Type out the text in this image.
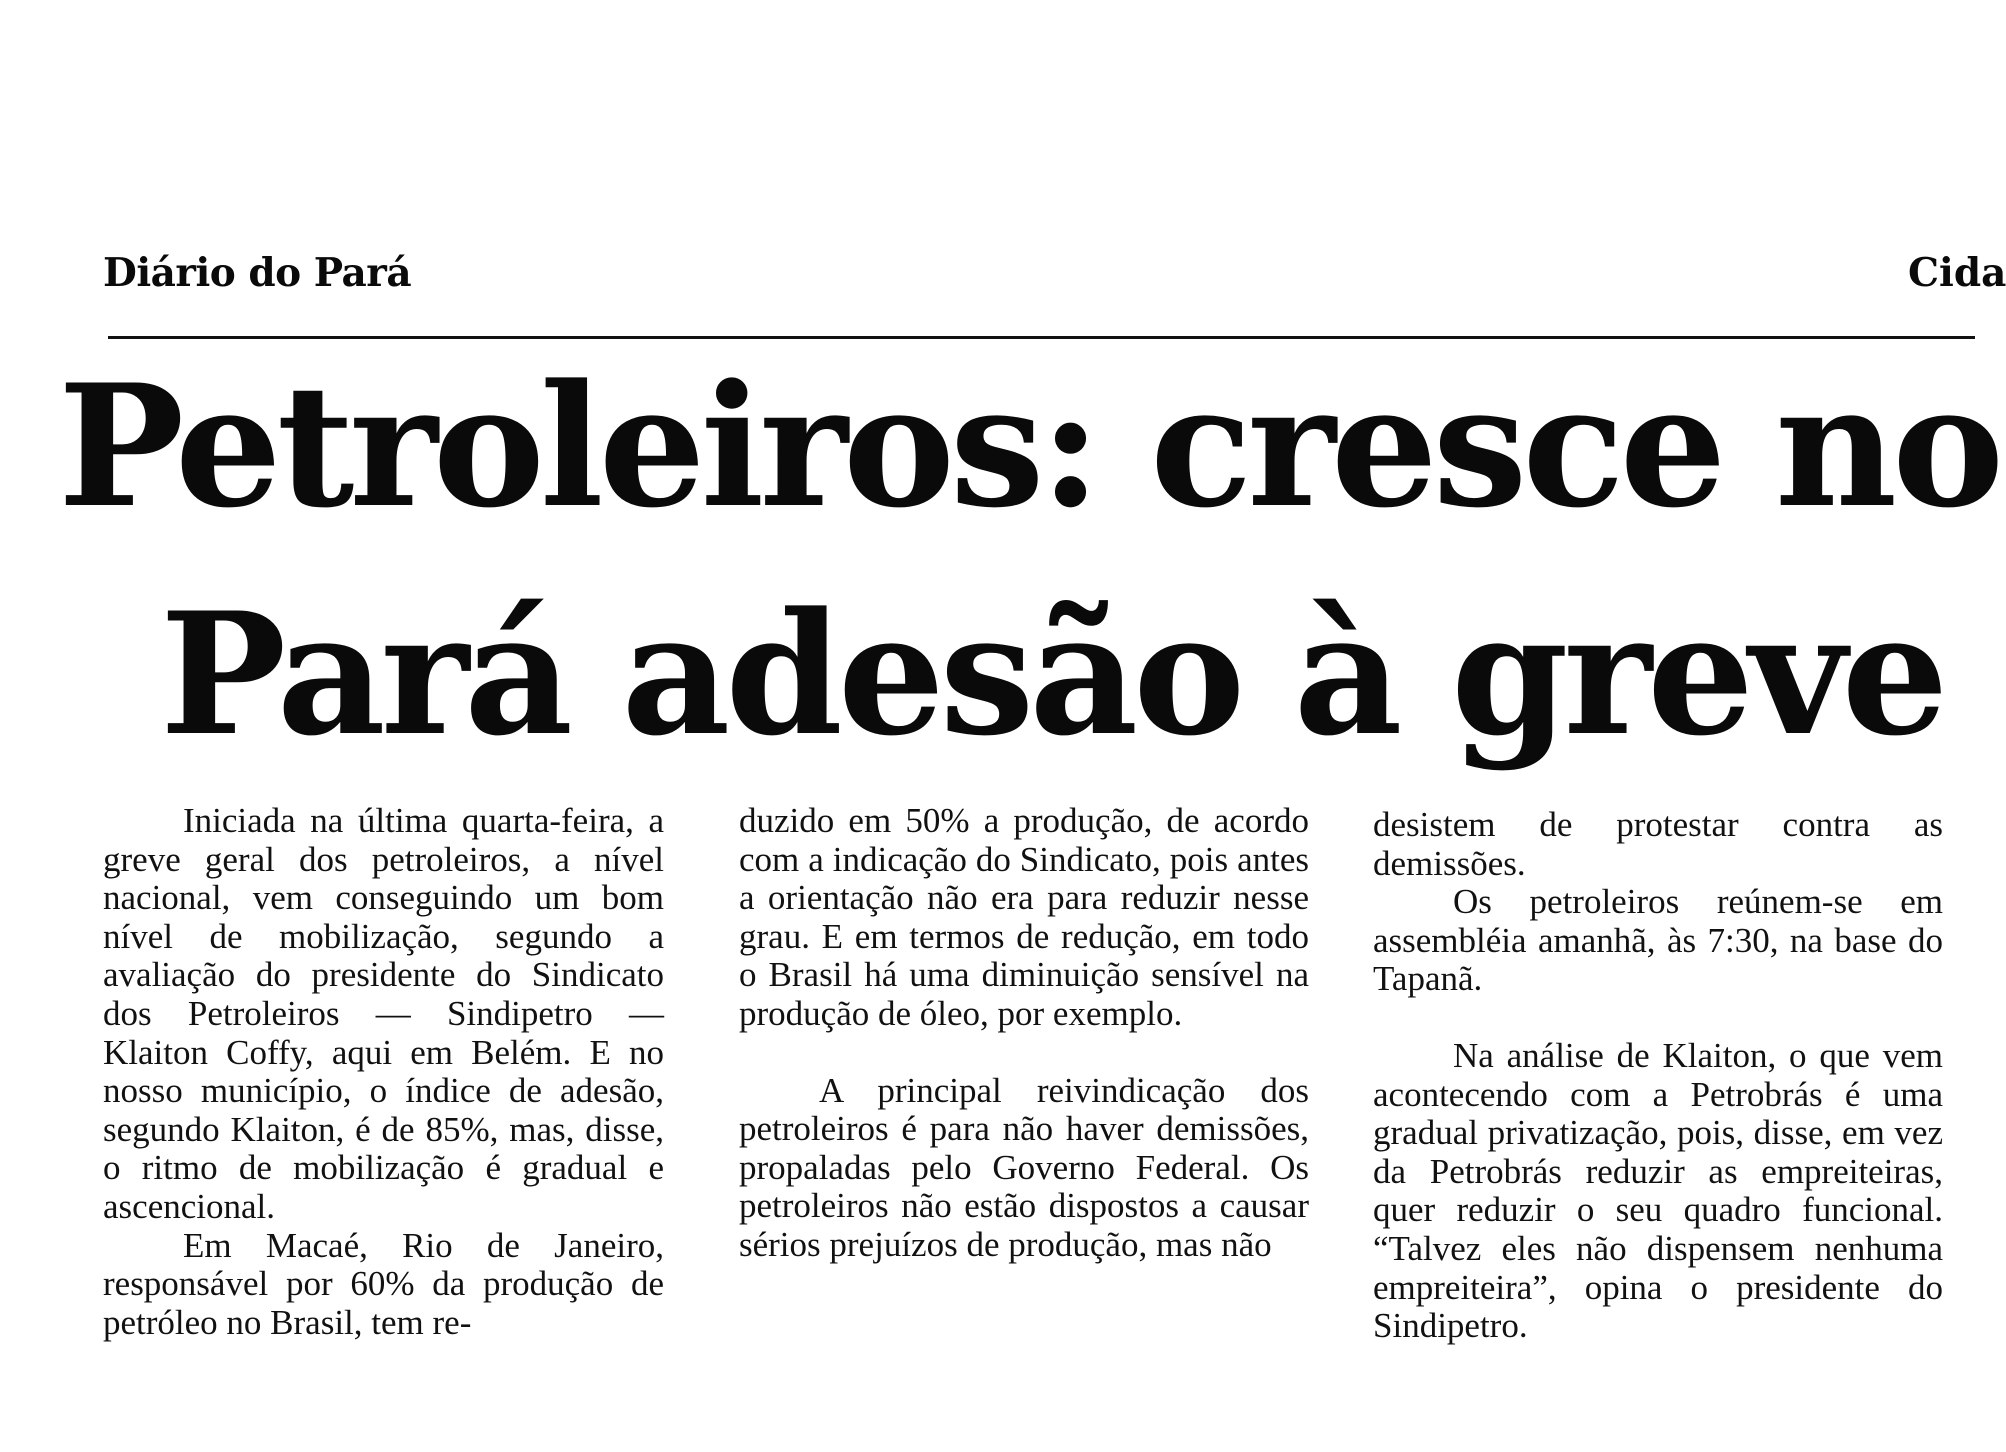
Diário do Pará	Cida
Petroleiros: cresce no
Pará adesão à greve

Iniciada na última quarta-feira, a greve geral dos petroleiros, a nível nacional, vem conseguindo um bom nível de mobilização, segundo a avaliação do presidente do Sindicato dos Petroleiros — Sindipetro — Klaiton Coffy, aqui em Belém. E no nosso município, o índice de adesão, segundo Klaiton, é de 85%, mas, disse, o ritmo de mobilização é gradual e ascencional.

Em Macaé, Rio de Janeiro, responsável por 60% da produção de petróleo no Brasil, tem re-

duzido em 50% a produção, de acordo com a indicação do Sindicato, pois antes a orientação não era para reduzir nesse grau. E em termos de redução, em todo o Brasil há uma diminuição sensível na produção de óleo, por exemplo.

A principal reivindicação dos petroleiros é para não haver demissões, propaladas pelo Governo Federal. Os petroleiros não estão dispostos a causar sérios prejuízos de produção, mas não

desistem de protestar contra as demissões.

Os petroleiros reúnem-se em assembléia amanhã, às 7:30, na base do Tapanã.

Na análise de Klaiton, o que vem acontecendo com a Petrobrás é uma gradual privatização, pois, disse, em vez da Petrobrás reduzir as empreiteiras, quer reduzir o seu quadro funcional. “Talvez eles não dispensem nenhuma empreiteira”, opina o presidente do Sindipetro.
